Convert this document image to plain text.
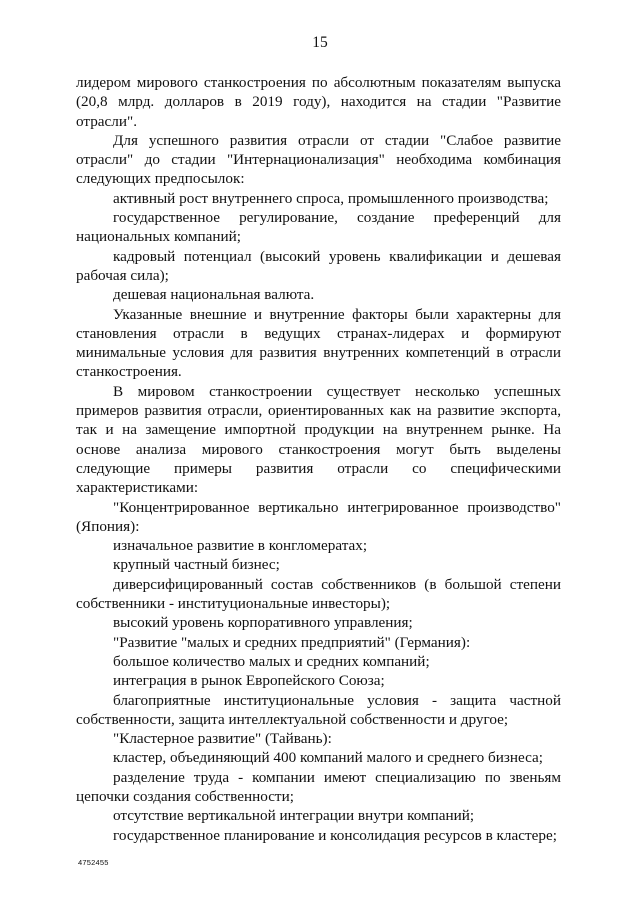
15

лидером мирового станкостроения по абсолютным показателям выпуска (20,8 млрд. долларов в 2019 году), находится на стадии "Развитие отрасли".

Для успешного развития отрасли от стадии "Слабое развитие отрасли" до стадии "Интернационализация" необходима комбинация следующих предпосылок:

активный рост внутреннего спроса, промышленного производства;

государственное регулирование, создание преференций для национальных компаний;

кадровый потенциал (высокий уровень квалификации и дешевая рабочая сила);

дешевая национальная валюта.

Указанные внешние и внутренние факторы были характерны для становления отрасли в ведущих странах-лидерах и формируют минимальные условия для развития внутренних компетенций в отрасли станкостроения.

В мировом станкостроении существует несколько успешных примеров развития отрасли, ориентированных как на развитие экспорта, так и на замещение импортной продукции на внутреннем рынке. На основе анализа мирового станкостроения могут быть выделены следующие примеры развития отрасли со специфическими характеристиками:

"Концентрированное вертикально интегрированное производство" (Япония):

изначальное развитие в конгломератах;

крупный частный бизнес;

диверсифицированный состав собственников (в большой степени собственники - институциональные инвесторы);

высокий уровень корпоративного управления;

"Развитие "малых и средних предприятий" (Германия):

большое количество малых и средних компаний;

интеграция в рынок Европейского Союза;

благоприятные институциональные условия - защита частной собственности, защита интеллектуальной собственности и другое;

"Кластерное развитие" (Тайвань):

кластер, объединяющий 400 компаний малого и среднего бизнеса;

разделение труда - компании имеют специализацию по звеньям цепочки создания собственности;

отсутствие вертикальной интеграции внутри компаний;

государственное планирование и консолидация ресурсов в кластере;

4752455
